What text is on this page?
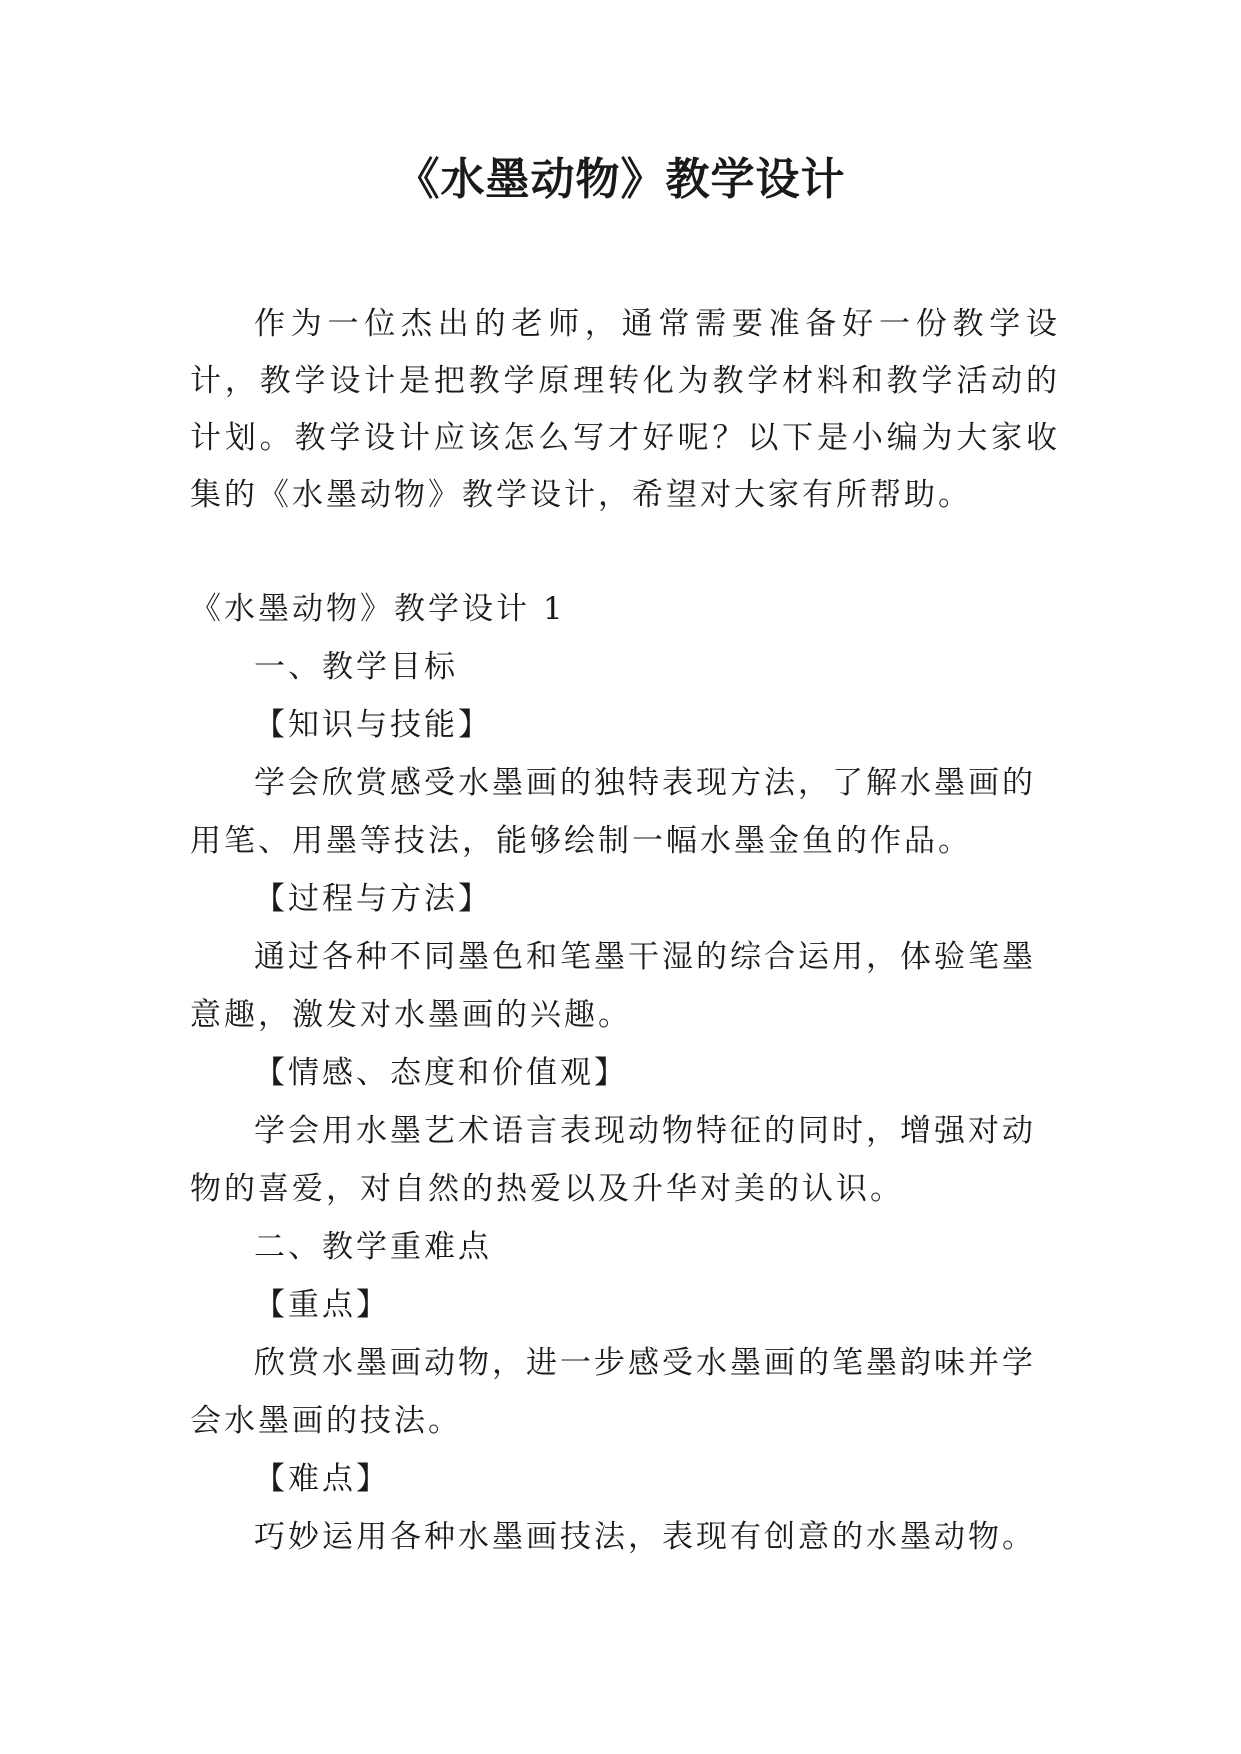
《水墨动物》教学设计

作为一位杰出的老师，通常需要准备好一份教学设计，教学设计是把教学原理转化为教学材料和教学活动的计划。教学设计应该怎么写才好呢？以下是小编为大家收集的《水墨动物》教学设计，希望对大家有所帮助。

《水墨动物》教学设计 1

一、教学目标

【知识与技能】

学会欣赏感受水墨画的独特表现方法，了解水墨画的用笔、用墨等技法，能够绘制一幅水墨金鱼的作品。

【过程与方法】

通过各种不同墨色和笔墨干湿的综合运用，体验笔墨意趣，激发对水墨画的兴趣。

【情感、态度和价值观】

学会用水墨艺术语言表现动物特征的同时，增强对动物的喜爱，对自然的热爱以及升华对美的认识。

二、教学重难点

【重点】

欣赏水墨画动物，进一步感受水墨画的笔墨韵味并学会水墨画的技法。

【难点】

巧妙运用各种水墨画技法，表现有创意的水墨动物。
